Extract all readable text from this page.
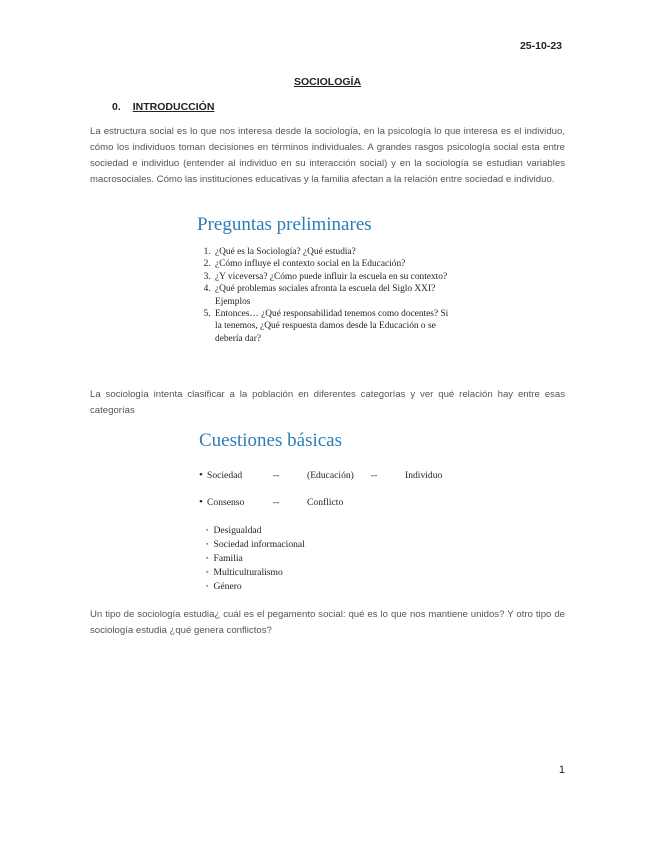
25-10-23
SOCIOLOGÍA
0. INTRODUCCIÓN

La estructura social es lo que nos interesa desde la sociología, en la psicología lo que interesa es el individuo, cómo los individuos toman decisiones en términos individuales. A grandes rasgos psicología social esta entre sociedad e individuo (entender al individuo en su interacción social) y en la sociología se estudian variables macrosociales. Cómo las instituciones educativas y la familia afectan a la relación entre sociedad e individuo.

Preguntas preliminares
1. ¿Qué es la Sociología? ¿Qué estudia?
2. ¿Cómo influye el contexto social en la Educación?
3. ¿Y viceversa? ¿Cómo puede influir la escuela en su contexto?
4. ¿Qué problemas sociales afronta la escuela del Siglo XXI? Ejemplos
5. Entonces… ¿Qué responsabilidad tenemos como docentes? Si la tenemos, ¿Qué respuesta damos desde la Educación o se debería dar?

La sociología intenta clasificar a la población en diferentes categorías y ver qué relación hay entre esas categorías

Cuestiones básicas
• Sociedad	--	(Educación) --	Individuo
• Consenso	--	Conflicto
▪ Desigualdad
▪ Sociedad informacional
▪ Familia
▪ Multiculturalismo
▪ Género

Un tipo de sociología estudia¿ cuál es el pegamento social: qué es lo que nos mantiene unidos? Y otro tipo de sociología estudia ¿qué genera conflictos?

1
